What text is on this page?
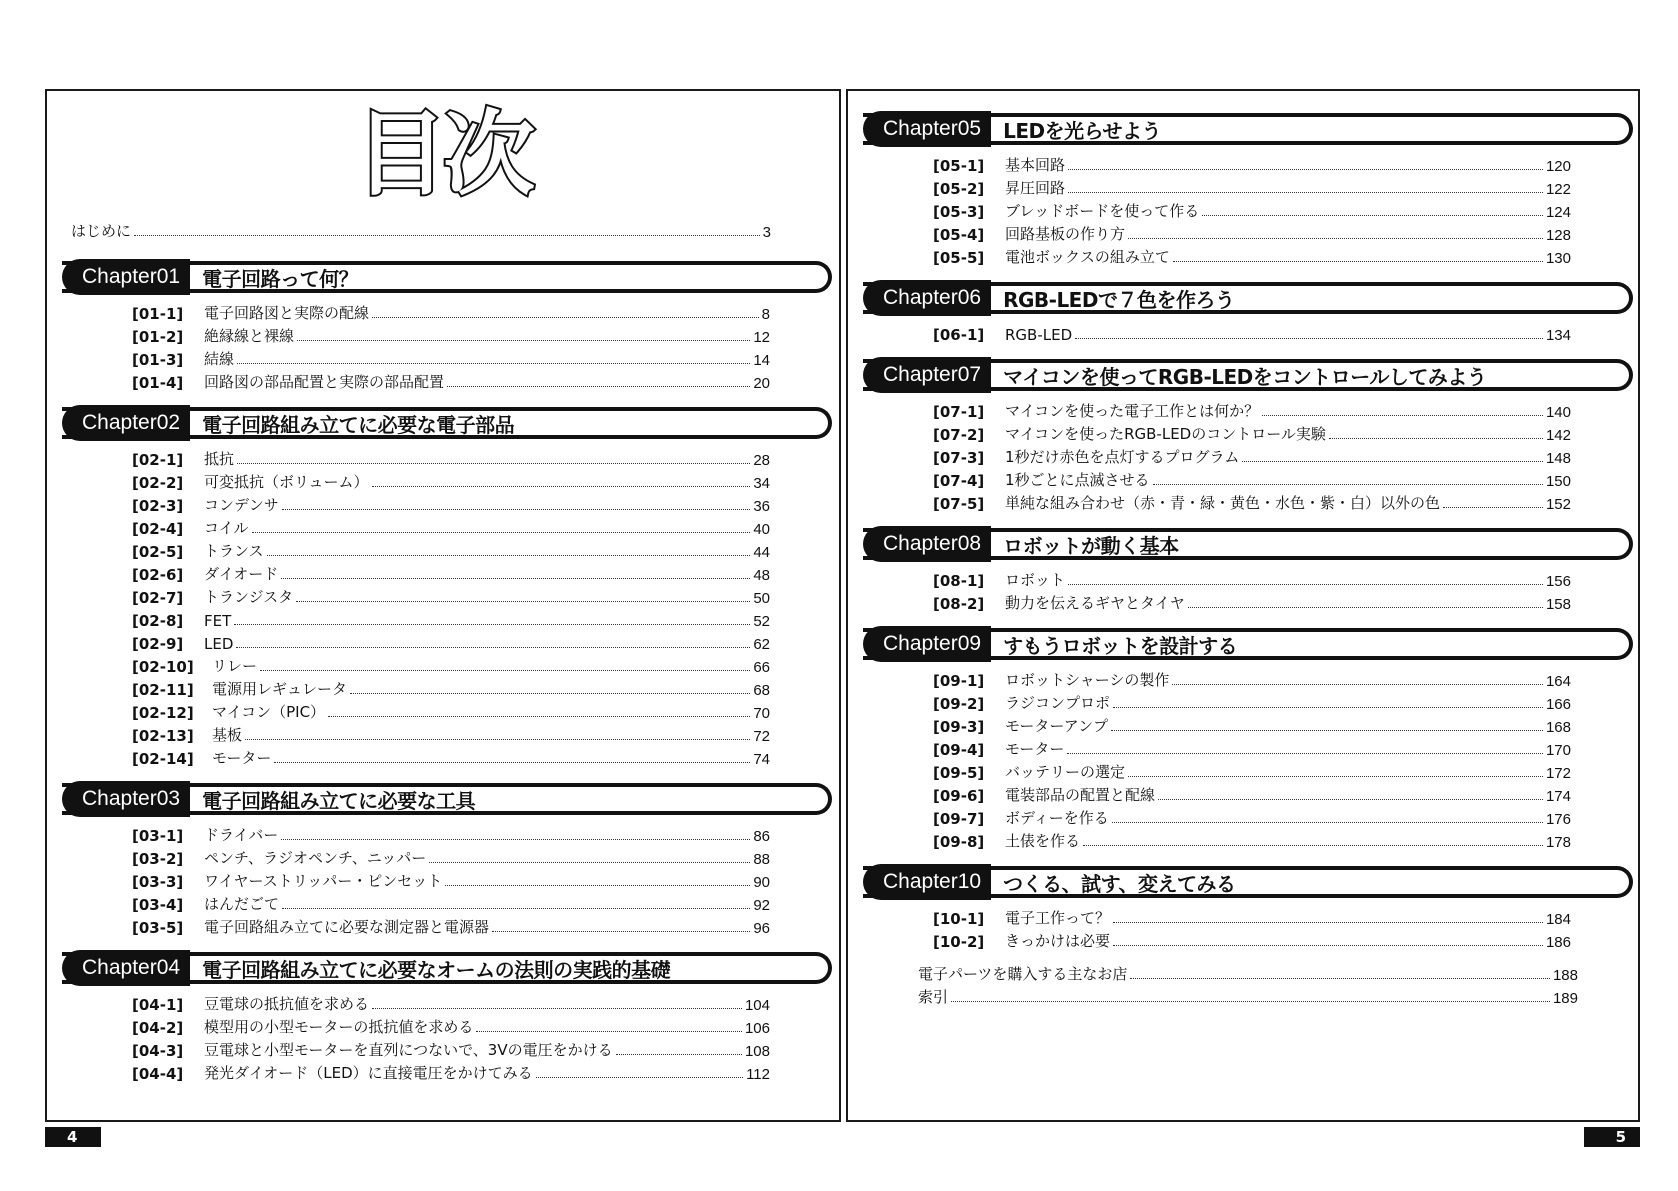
目次
はじめに	3
Chapter01	電子回路って何？
[01-1]	電子回路図と実際の配線	8
[01-2]	絶縁線と裸線	12
[01-3]	結線	14
[01-4]	回路図の部品配置と実際の部品配置	20
Chapter02	電子回路組み立てに必要な電子部品
[02-1]	抵抗	28
[02-2]	可変抵抗（ボリューム）	34
[02-3]	コンデンサ	36
[02-4]	コイル	40
[02-5]	トランス	44
[02-6]	ダイオード	48
[02-7]	トランジスタ	50
[02-8]	FET	52
[02-9]	LED	62
[02-10]	リレー	66
[02-11]	電源用レギュレータ	68
[02-12]	マイコン（PIC）	70
[02-13]	基板	72
[02-14]	モーター	74
Chapter03	電子回路組み立てに必要な工具
[03-1]	ドライバー	86
[03-2]	ペンチ、ラジオペンチ、ニッパー	88
[03-3]	ワイヤーストリッパー・ピンセット	90
[03-4]	はんだごて	92
[03-5]	電子回路組み立てに必要な測定器と電源器	96
Chapter04	電子回路組み立てに必要なオームの法則の実践的基礎
[04-1]	豆電球の抵抗値を求める	104
[04-2]	模型用の小型モーターの抵抗値を求める	106
[04-3]	豆電球と小型モーターを直列につないで、3Vの電圧をかける	108
[04-4]	発光ダイオード（LED）に直接電圧をかけてみる	112
Chapter05	LEDを光らせよう
[05-1]	基本回路	120
[05-2]	昇圧回路	122
[05-3]	ブレッドボードを使って作る	124
[05-4]	回路基板の作り方	128
[05-5]	電池ボックスの組み立て	130
Chapter06	RGB-LEDで７色を作ろう
[06-1]	RGB-LED	134
Chapter07	マイコンを使ってRGB-LEDをコントロールしてみよう
[07-1]	マイコンを使った電子工作とは何か？	140
[07-2]	マイコンを使ったRGB-LEDのコントロール実験	142
[07-3]	1秒だけ赤色を点灯するプログラム	148
[07-4]	1秒ごとに点滅させる	150
[07-5]	単純な組み合わせ（赤・青・緑・黄色・水色・紫・白）以外の色	152
Chapter08	ロボットが動く基本
[08-1]	ロボット	156
[08-2]	動力を伝えるギヤとタイヤ	158
Chapter09	すもうロボットを設計する
[09-1]	ロボットシャーシの製作	164
[09-2]	ラジコンプロポ	166
[09-3]	モーターアンプ	168
[09-4]	モーター	170
[09-5]	バッテリーの選定	172
[09-6]	電装部品の配置と配線	174
[09-7]	ボディーを作る	176
[09-8]	土俵を作る	178
Chapter10	つくる、試す、変えてみる
[10-1]	電子工作って？	184
[10-2]	きっかけは必要	186
電子パーツを購入する主なお店	188
索引	189
4	5
